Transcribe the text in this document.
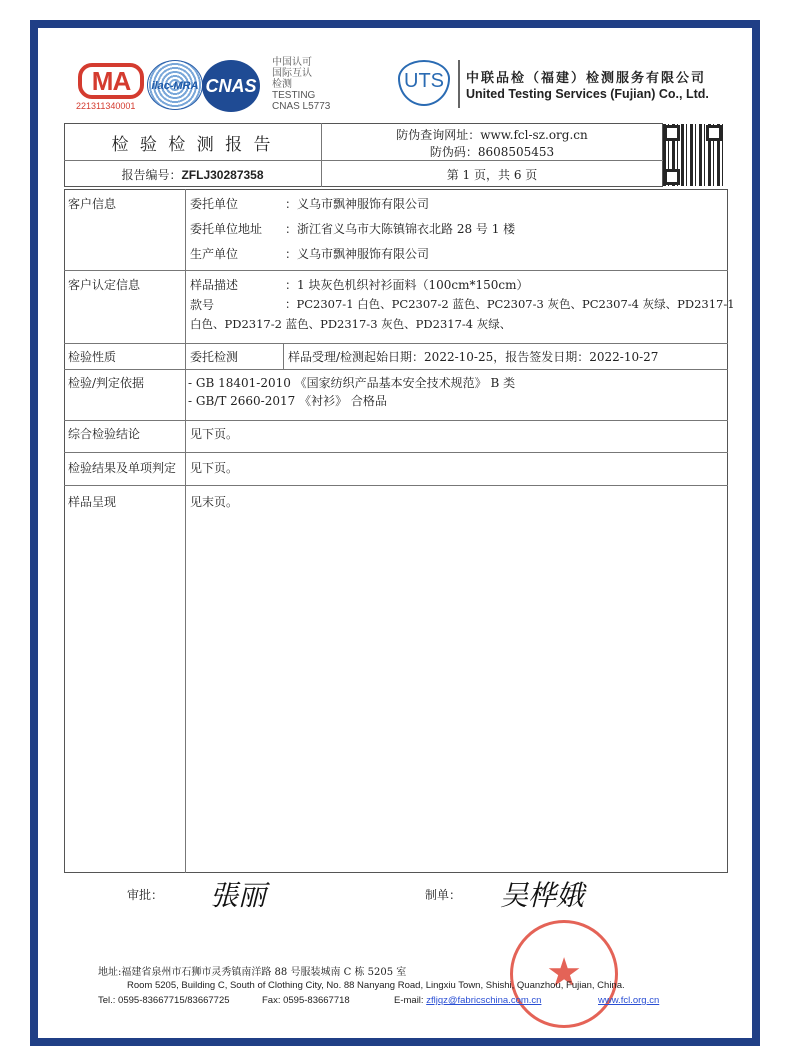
MA
221311340001
ilac-MRA CNAS
中国认可
国际互认
检测
TESTING
CNAS L5773
UTS	中联品检（福建）检测服务有限公司
United Testing Services (Fujian) Co., Ltd.
检 验 检 测 报 告	防伪查询网址：www.fcl-sz.org.cn
防伪码：8608505453
报告编号：ZFLJ30287358	第 1 页，共 6 页
客户信息	委托单位	：义乌市飘神服饰有限公司
委托单位地址 ：浙江省义乌市大陈镇锦衣北路 28 号 1 楼
生产单位	：义乌市飘神服饰有限公司
客户认定信息	样品描述	：1 块灰色机织衬衫面料（100cm*150cm）
款号	：PC2307-1 白色、PC2307-2 蓝色、PC2307-3 灰色、PC2307-4 灰绿、PD2317-1
白色、PD2317-2 蓝色、PD2317-3 灰色、PD2317-4 灰绿、
检验性质	委托检测	样品受理/检测起始日期：2022-10-25，报告签发日期：2022-10-27
检验/判定依据	- GB 18401-2010 《国家纺织产品基本安全技术规范》 B 类
- GB/T 2660-2017 《衬衫》 合格品
综合检验结论	见下页。
检验结果及单项判定 见下页。
样品呈现	见末页。
审批： 張丽	制单： 吴桦娥
★
地址:福建省泉州市石狮市灵秀镇南洋路 88 号服装城南 C 栋 5205 室
Room 5205, Building C, South of Clothing City, No. 88 Nanyang Road, Lingxiu Town, Shishi, Quanzhou, Fujian, China.
Tel.: 0595-83667715/83667725	Fax: 0595-83667718	E-mail: zfljqz@fabricschina.com.cn	www.fcl.org.cn
